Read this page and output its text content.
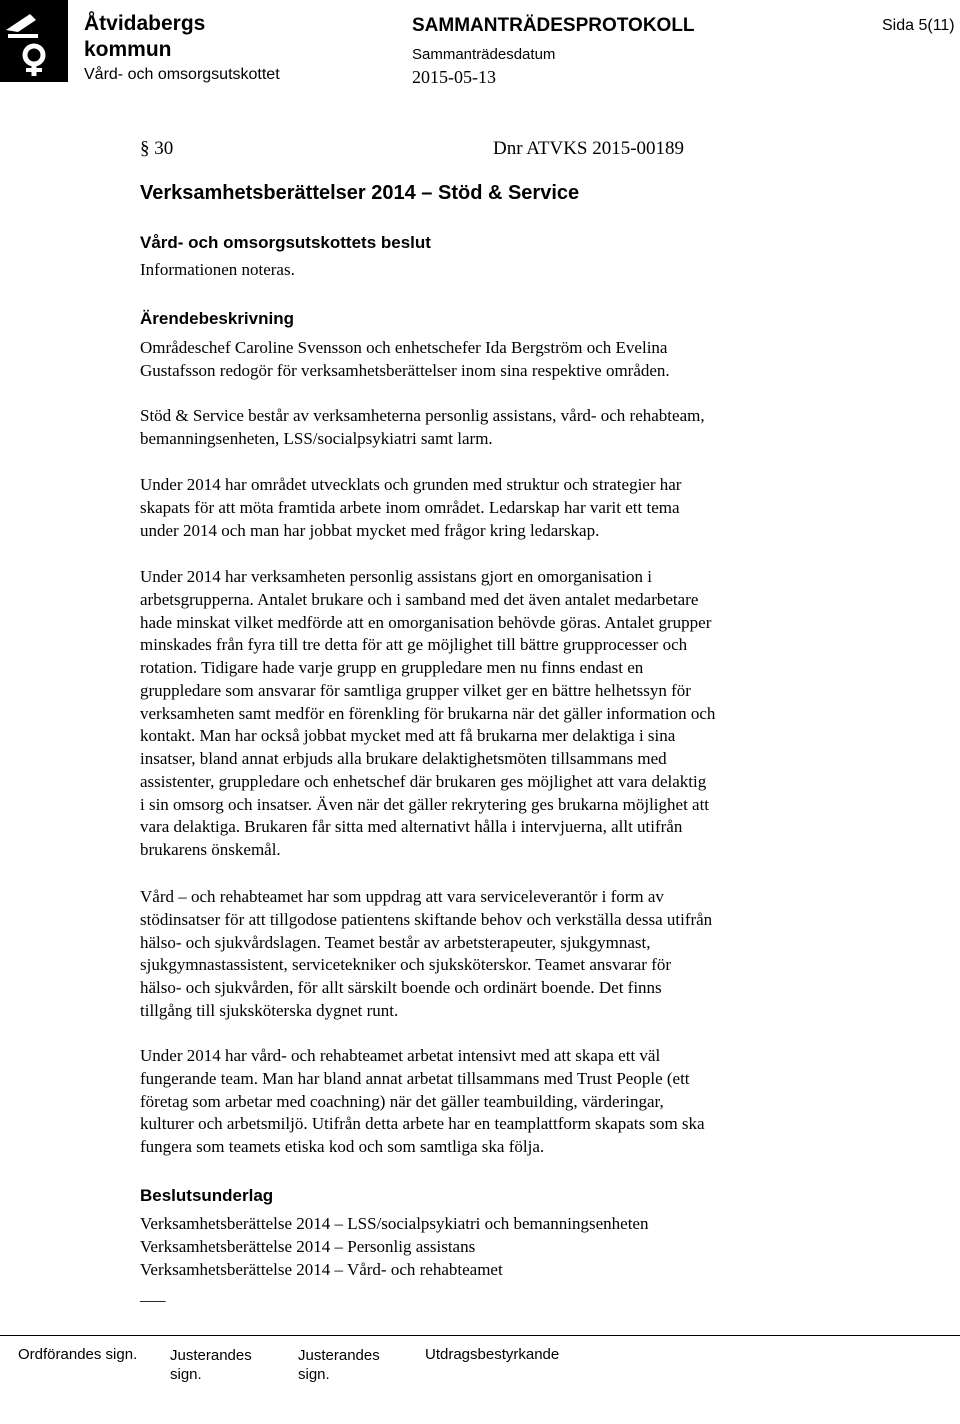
Åtvidabergs
kommun
Vård- och omsorgsutskottet
SAMMANTRÄDESPROTOKOLL
Sammanträdesdatum
2015-05-13
Sida 5(11)
§ 30	Dnr ATVKS 2015-00189
Verksamhetsberättelser 2014 – Stöd & Service
Vård- och omsorgsutskottets beslut
Informationen noteras.
Ärendebeskrivning
Områdeschef Caroline Svensson och enhetschefer Ida Bergström och Evelina
Gustafsson redogör för verksamhetsberättelser inom sina respektive områden.
Stöd & Service består av verksamheterna personlig assistans, vård- och rehabteam,
bemanningsenheten, LSS/socialpsykiatri samt larm.
Under 2014 har området utvecklats och grunden med struktur och strategier har
skapats för att möta framtida arbete inom området. Ledarskap har varit ett tema
under 2014 och man har jobbat mycket med frågor kring ledarskap.
Under 2014 har verksamheten personlig assistans gjort en omorganisation i
arbetsgrupperna. Antalet brukare och i samband med det även antalet medarbetare
hade minskat vilket medförde att en omorganisation behövde göras. Antalet grupper
minskades från fyra till tre detta för att ge möjlighet till bättre grupprocesser och
rotation. Tidigare hade varje grupp en gruppledare men nu finns endast en
gruppledare som ansvarar för samtliga grupper vilket ger en bättre helhetssyn för
verksamheten samt medför en förenkling för brukarna när det gäller information och
kontakt. Man har också jobbat mycket med att få brukarna mer delaktiga i sina
insatser, bland annat erbjuds alla brukare delaktighetsmöten tillsammans med
assistenter, gruppledare och enhetschef där brukaren ges möjlighet att vara delaktig
i sin omsorg och insatser. Även när det gäller rekrytering ges brukarna möjlighet att
vara delaktiga. Brukaren får sitta med alternativt hålla i intervjuerna, allt utifrån
brukarens önskemål.
Vård – och rehabteamet har som uppdrag att vara serviceleverantör i form av
stödinsatser för att tillgodose patientens skiftande behov och verkställa dessa utifrån
hälso- och sjukvårdslagen. Teamet består av arbetsterapeuter, sjukgymnast,
sjukgymnastassistent, servicetekniker och sjuksköterskor. Teamet ansvarar för
hälso- och sjukvården, för allt särskilt boende och ordinärt boende. Det finns
tillgång till sjuksköterska dygnet runt.
Under 2014 har vård- och rehabteamet arbetat intensivt med att skapa ett väl
fungerande team. Man har bland annat arbetat tillsammans med Trust People (ett
företag som arbetar med coachning) när det gäller teambuilding, värderingar,
kulturer och arbetsmiljö. Utifrån detta arbete har en teamplattform skapats som ska
fungera som teamets etiska kod och som samtliga ska följa.
Beslutsunderlag
Verksamhetsberättelse 2014 – LSS/socialpsykiatri och bemanningsenheten
Verksamhetsberättelse 2014 – Personlig assistans
Verksamhetsberättelse 2014 – Vård- och rehabteamet
___
Ordförandes sign. Justerandes
sign.
Justerandes
sign.
Utdragsbestyrkande
